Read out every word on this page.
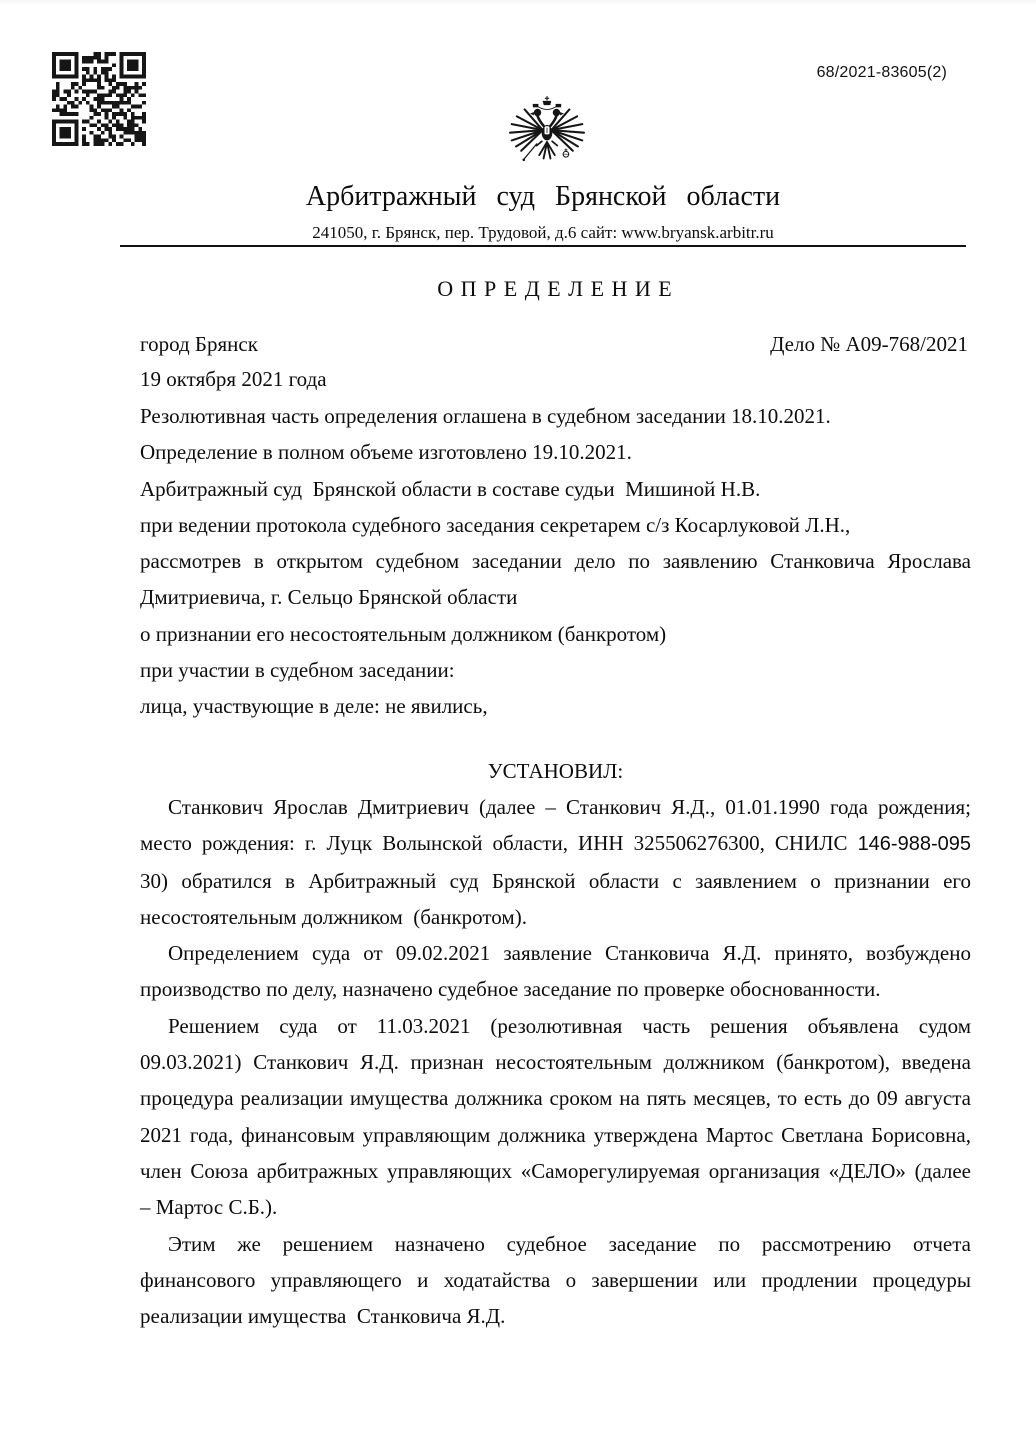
68/2021-83605(2)
Арбитражный суд Брянской области
241050, г. Брянск, пер. Трудовой, д.6 сайт: www.bryansk.arbitr.ru
О П Р Е Д Е Л Е Н И Е
город Брянск	Дело № А09-768/2021
19 октября 2021 года
Резолютивная часть определения оглашена в судебном заседании 18.10.2021.
Определение в полном объеме изготовлено 19.10.2021.
Арбитражный суд  Брянской области в составе судьи  Мишиной Н.В.
при ведении протокола судебного заседания секретарем с/з Косарлуковой Л.Н.,
рассмотрев в открытом судебном заседании дело по заявлению Станковича Ярослава
Дмитриевича, г. Сельцо Брянской области
о признании его несостоятельным должником (банкротом)
при участии в судебном заседании:
лица, участвующие в деле: не явились,
УСТАНОВИЛ:
Станкович Ярослав Дмитриевич (далее – Станкович Я.Д., 01.01.1990 года рождения;
место рождения: г. Луцк Волынской области, ИНН 325506276300, СНИЛС 146-988-095
30) обратился в Арбитражный суд Брянской области с заявлением о признании его
несостоятельным должником  (банкротом).
Определением суда от 09.02.2021 заявление Станковича Я.Д. принято, возбуждено
производство по делу, назначено судебное заседание по проверке обоснованности.
Решением суда от 11.03.2021 (резолютивная часть решения объявлена судом
09.03.2021) Станкович Я.Д. признан несостоятельным должником (банкротом), введена
процедура реализации имущества должника сроком на пять месяцев, то есть до 09 августа
2021 года, финансовым управляющим должника утверждена Мартос Светлана Борисовна,
член Союза арбитражных управляющих «Саморегулируемая организация «ДЕЛО» (далее
– Мартос С.Б.).
Этим же решением назначено судебное заседание по рассмотрению отчета
финансового управляющего и ходатайства о завершении или продлении процедуры
реализации имущества  Станковича Я.Д.
